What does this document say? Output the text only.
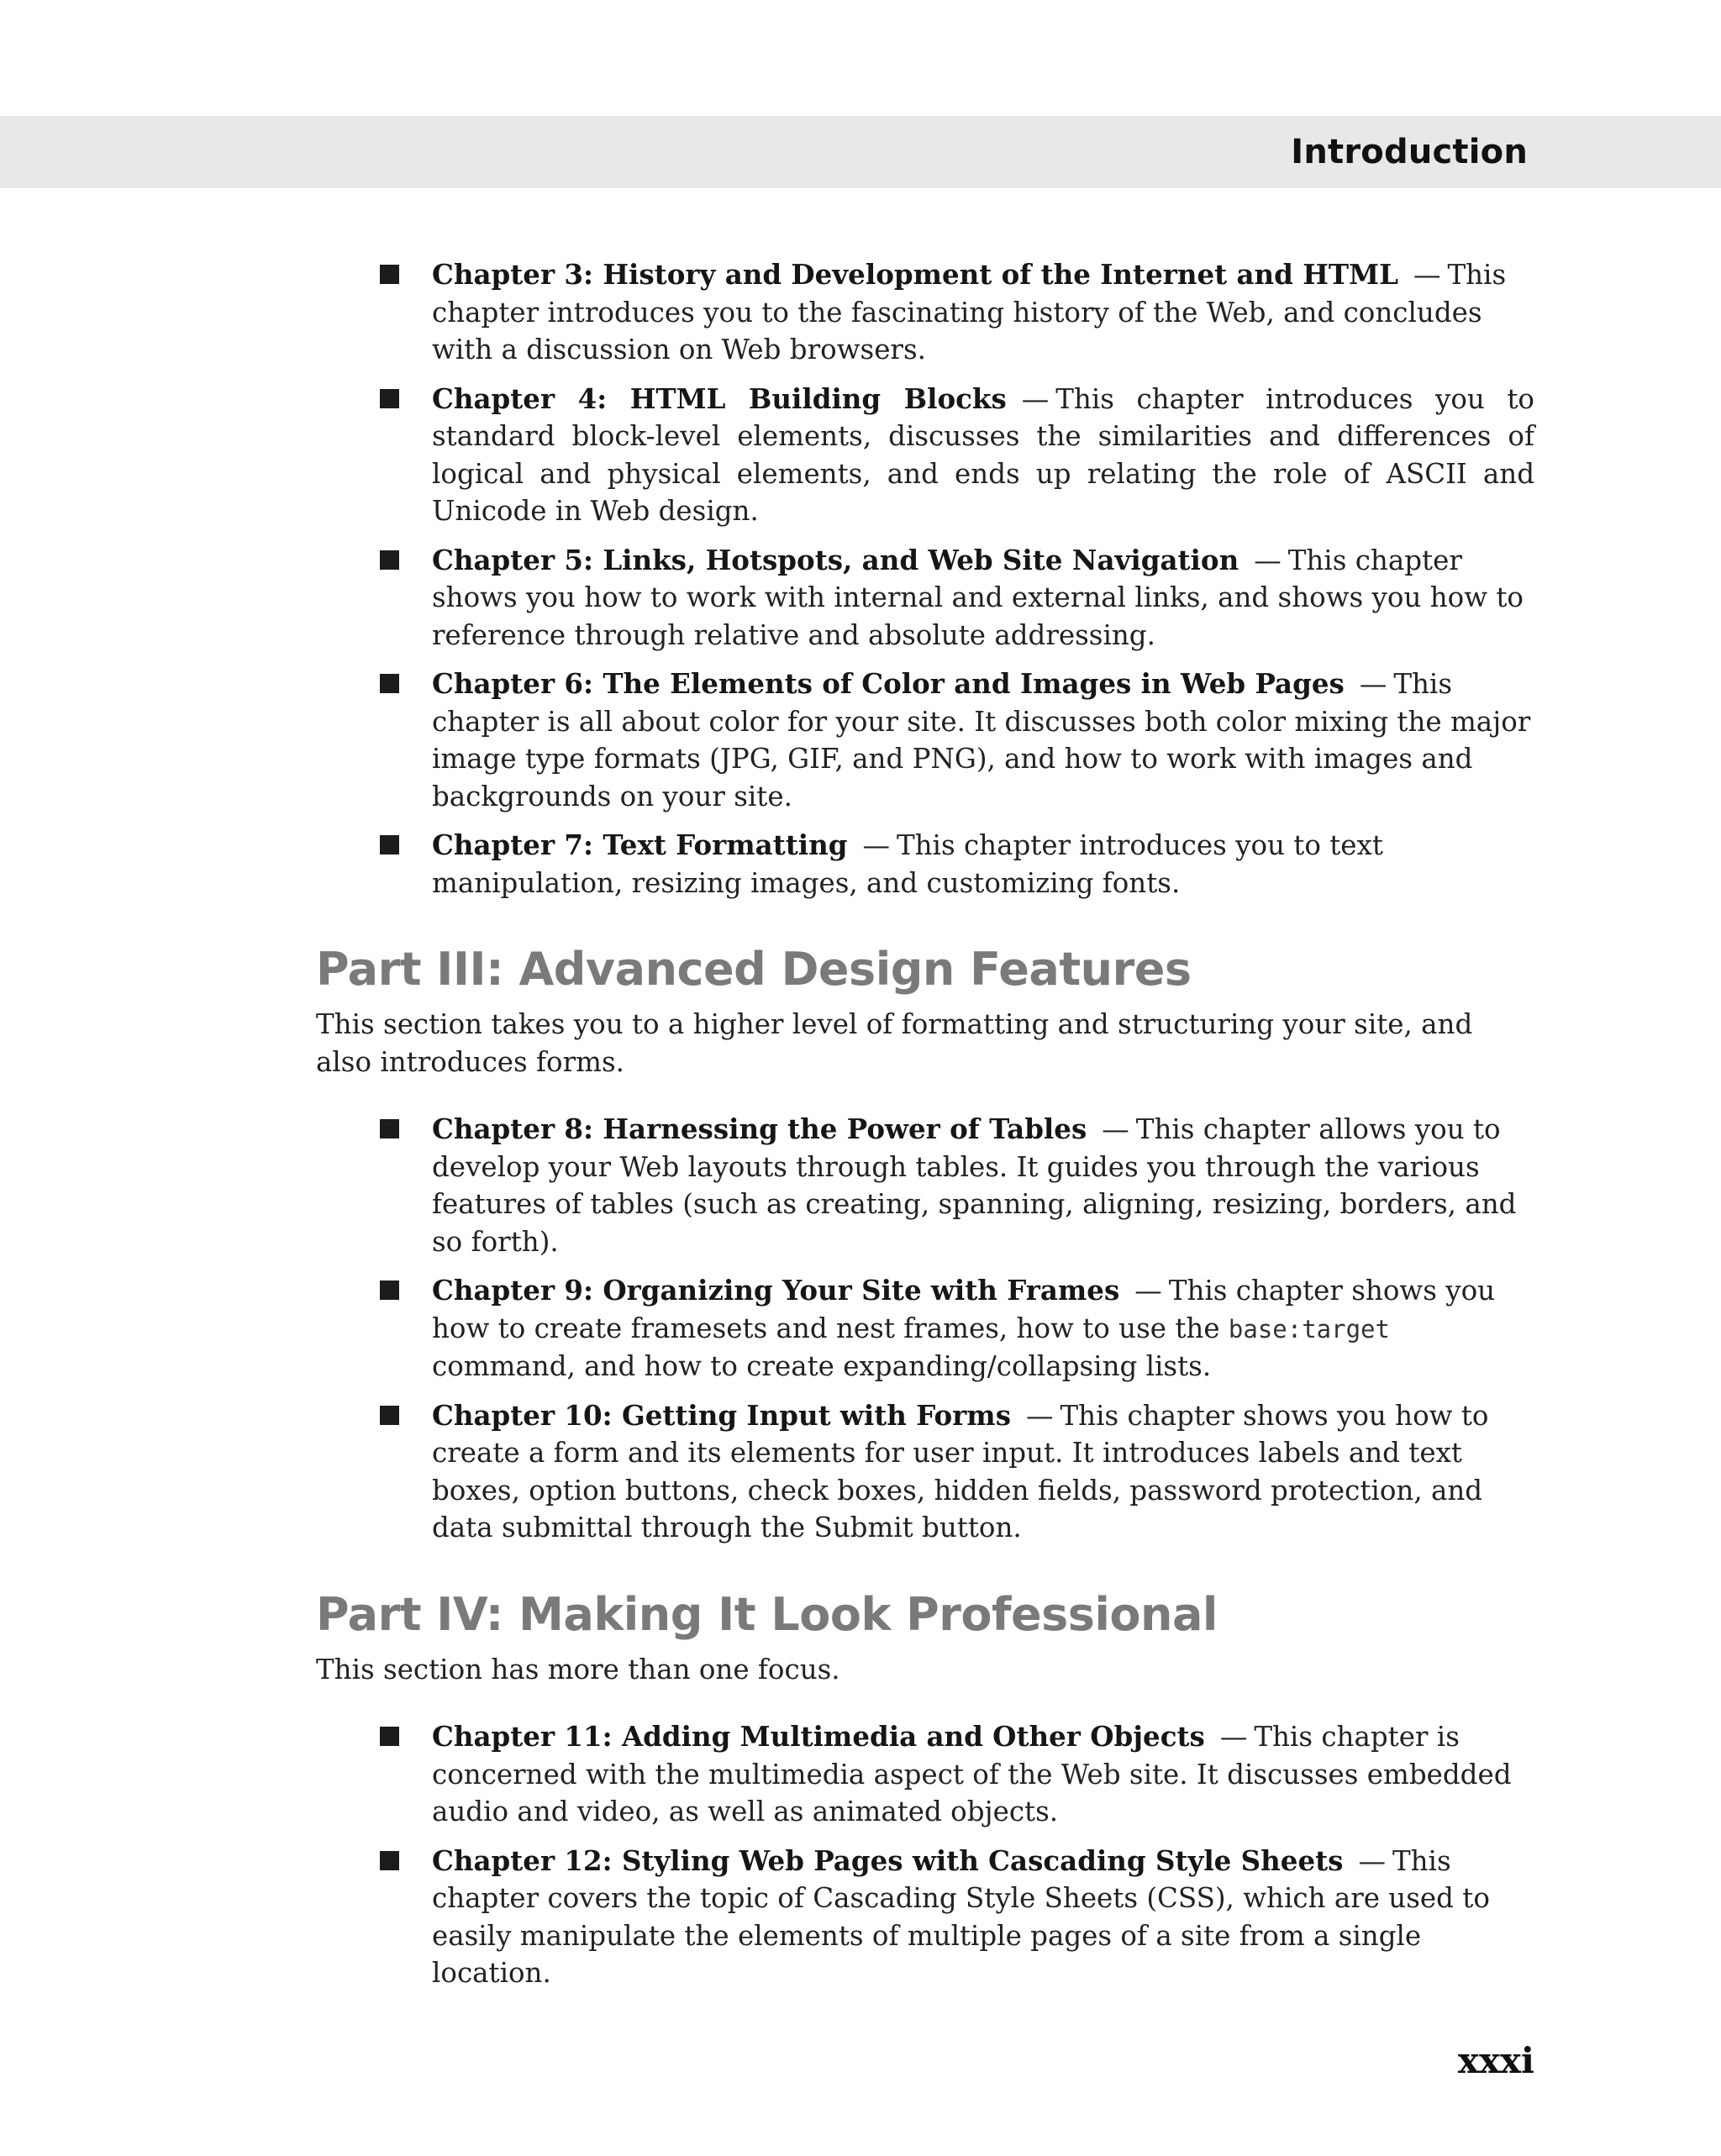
Introduction
Chapter 3: History and Development of the Internet and HTML — This chapter introduces you to the fascinating history of the Web, and concludes with a discussion on Web browsers.
Chapter 4: HTML Building Blocks — This chapter introduces you to standard block-level elements, discusses the similarities and differences of logical and physical elements, and ends up relating the role of ASCII and Unicode in Web design.
Chapter 5: Links, Hotspots, and Web Site Navigation — This chapter shows you how to work with internal and external links, and shows you how to reference through relative and absolute addressing.
Chapter 6: The Elements of Color and Images in Web Pages — This chapter is all about color for your site. It discusses both color mixing the major image type formats (JPG, GIF, and PNG), and how to work with images and backgrounds on your site.
Chapter 7: Text Formatting — This chapter introduces you to text manipulation, resizing images, and customizing fonts.
Part III: Advanced Design Features

This section takes you to a higher level of formatting and structuring your site, and also introduces forms.

Chapter 8: Harnessing the Power of Tables — This chapter allows you to develop your Web layouts through tables. It guides you through the various features of tables (such as creating, spanning, aligning, resizing, borders, and so forth).
Chapter 9: Organizing Your Site with Frames — This chapter shows you how to create framesets and nest frames, how to use the base:target command, and how to create expanding/collapsing lists.
Chapter 10: Getting Input with Forms — This chapter shows you how to create a form and its elements for user input. It introduces labels and text boxes, option buttons, check boxes, hidden fields, password protection, and data submittal through the Submit button.
Part IV: Making It Look Professional

This section has more than one focus.

Chapter 11: Adding Multimedia and Other Objects — This chapter is concerned with the multimedia aspect of the Web site. It discusses embedded audio and video, as well as animated objects.
Chapter 12: Styling Web Pages with Cascading Style Sheets — This chapter covers the topic of Cascading Style Sheets (CSS), which are used to easily manipulate the elements of multiple pages of a site from a single location.
xxxi
